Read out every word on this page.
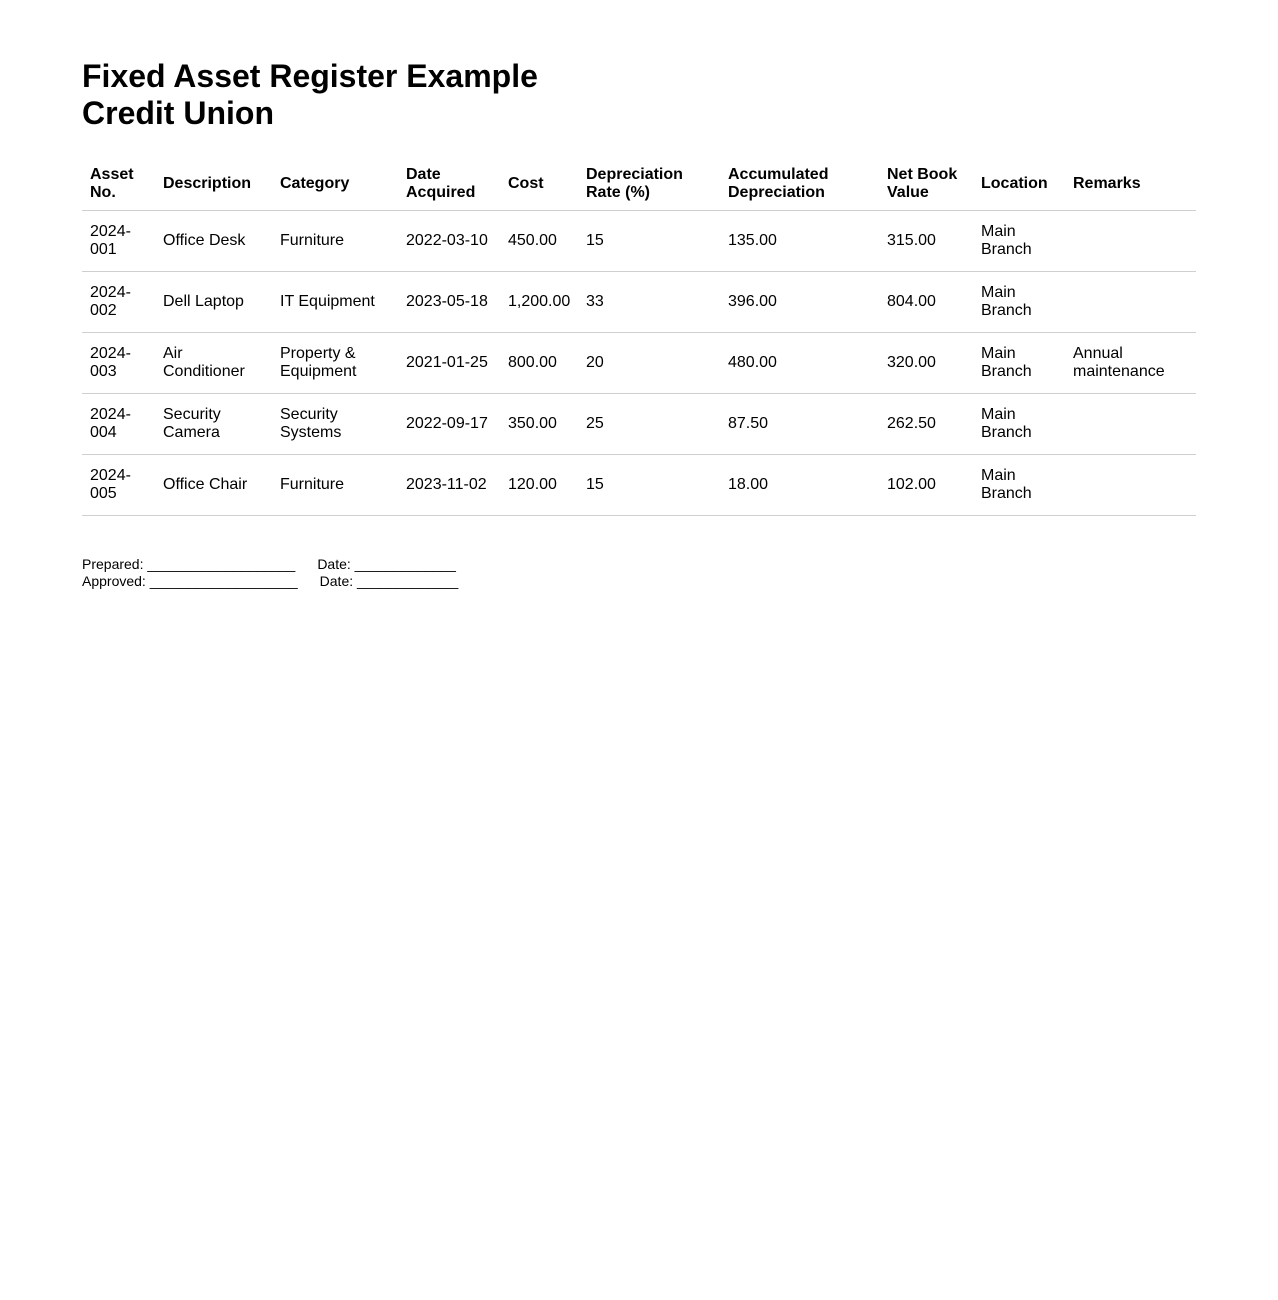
Fixed Asset Register Example
Credit Union
Asset No.	Description	Category	Date Acquired	Cost	Depreciation Rate (%)	Accumulated Depreciation	Net Book Value	Location	Remarks
2024-001	Office Desk	Furniture	2022-03-10	450.00	15	135.00	315.00	Main Branch	
2024-002	Dell Laptop	IT Equipment	2023-05-18	1,200.00	33	396.00	804.00	Main Branch	
2024-003	Air Conditioner	Property & Equipment	2021-01-25	800.00	20	480.00	320.00	Main Branch	Annual maintenance
2024-004	Security Camera	Security Systems	2022-09-17	350.00	25	87.50	262.50	Main Branch	
2024-005	Office Chair	Furniture	2023-11-02	120.00	15	18.00	102.00	Main Branch	
Prepared: ___________________ Date: _____________
Approved: ___________________ Date: _____________
